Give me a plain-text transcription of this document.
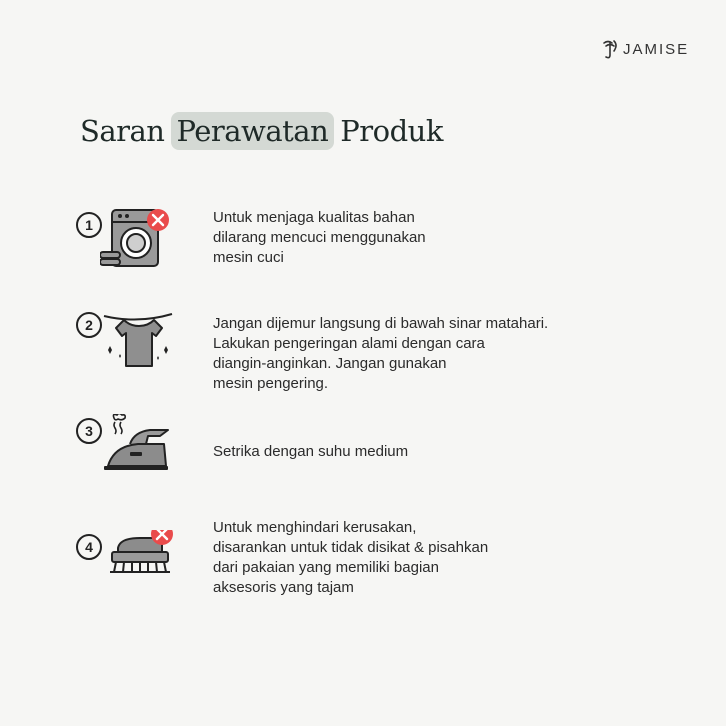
JAMISE
Saran Perawatan Produk
1	Untuk menjaga kualitas bahan
dilarang mencuci menggunakan
mesin cuci
2	Jangan dijemur langsung di bawah sinar matahari.
Lakukan pengeringan alami dengan cara
diangin-anginkan. Jangan gunakan
mesin pengering.
3
Setrika dengan suhu medium
4
Untuk menghindari kerusakan,
disarankan untuk tidak disikat & pisahkan
dari pakaian yang memiliki bagian
aksesoris yang tajam
